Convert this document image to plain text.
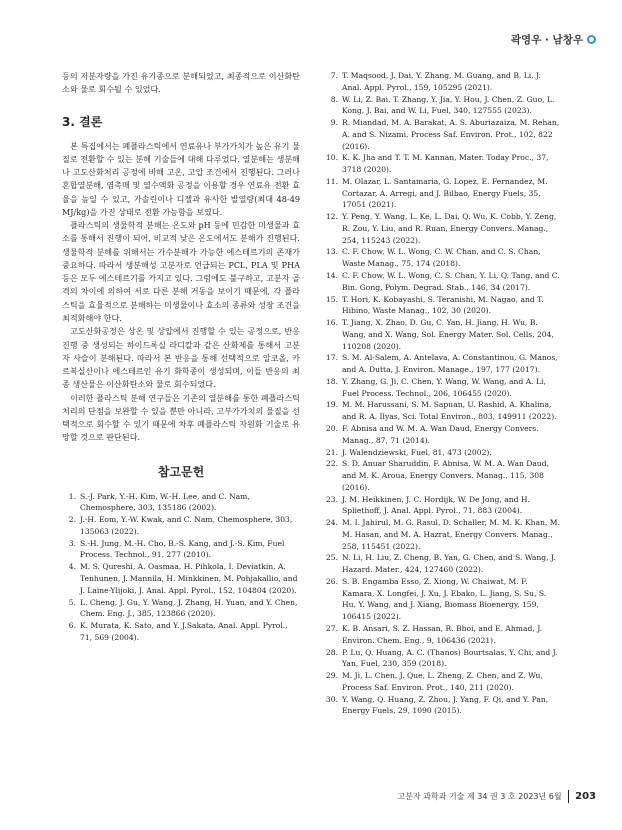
곽영우 · 남창우

등의 저분자량을 가진 유기종으로 분해되었고, 최종적으로 이산화탄소와 물로 회수될 수 있었다.

3. 결론

본 특집에서는 폐플라스틱에서 연료유나 부가가치가 높은 유기 물질로 전환할 수 있는 분해 기술들에 대해 다루었다. 열분해는 생분해나 고도산화처리 공정에 비해 고온, 고압 조건에서 진행된다. 그러나 혼합열분해, 염촉매 및 열수액화 공정을 이용할 경우 연료유 전환 효율을 높일 수 있고, 가솔린이나 디젤과 유사한 발열량(최대 48-49 MJ/kg)을 가진 상태로 전환 가능함을 보였다.

플라스틱의 생물학적 분해는 온도와 pH 등에 민감한 미생물과 효소를 통해서 진행이 되어, 비교적 낮은 온도에서도 분해가 진행된다. 생물학적 분해를 위해서는 가수분해가 가능한 에스테르기의 존재가 중요하다. 따라서 생분해성 고분자로 언급되는 PCL, PLA 및 PHA 등은 모두 에스테르기를 가지고 있다. 그럼에도 불구하고, 고분자 골격의 차이에 의하여 서로 다른 분해 거동을 보이기 때문에, 각 플라스틱을 효율적으로 분해하는 미생물이나 효소의 종류와 성장 조건을 최적화해야 한다.

고도산화공정은 상온 및 상압에서 진행할 수 있는 공정으로, 반응 진행 중 생성되는 하이드록실 라디칼과 같은 산화제를 통해서 고분자 사슬이 분해된다. 따라서 본 반응을 통해 선택적으로 알코올, 카르복실산이나 에스테르인 유기 화학종이 생성되며, 이들 반응의 최종 생산물은 이산화탄소와 물로 회수되었다.

이러한 플라스틱 분해 연구들은 기존의 열분해를 통한 폐플라스틱 처리의 단점을 보완할 수 있을 뿐만 아니라, 고부가가치의 물질을 선택적으로 회수할 수 있기 때문에 차후 폐플라스틱 자원화 기술로 유망할 것으로 판단된다.

참고문헌
1. S.-J. Park, Y.-H. Kim, W.-H. Lee, and C. Nam, Chemosphere, 303, 135186 (2002).
2. J.-H. Eom, Y.-W. Kwak, and C. Nam, Chemosphere, 303, 135063 (2022).
3. S.-H. Jung, M.-H. Cho, B.-S. Kang, and J.-S. Kim, Fuel Process. Technol., 91, 277 (2010).
4. M. S. Qureshi, A. Oasmaa, H. Pihkola, I. Deviatkin, A. Tenhunen, J. Mannila, H. Minkkinen, M. Pohjakallio, and J. Laine-Ylijoki, J. Anal. Appl. Pyrol., 152, 104804 (2020).
5. L. Cheng, J. Gu, Y. Wang, J. Zhang, H. Yuan, and Y. Chen, Chem. Eng. J., 385, 123866 (2020).
6. K. Murata, K. Sato, and Y. J.Sakata, Anal. Appl. Pyrol., 71, 569 (2004).
7. T. Maqsood, J. Dai, Y. Zhang, M. Guang, and B. Li, J. Anal. Appl. Pyrol., 159, 105295 (2021).
8. W. Li, Z. Bai, T. Zhang, Y. Jia, Y. Hou, J. Chen, Z. Guo, L. Kong, J. Bai, and W. Li, Fuel, 340, 127555 (2023).
9. R. Miandad, M. A. Barakat, A. S. Aburiazaiza, M. Rehan, A. and S. Nizami, Process Saf. Environ. Prot., 102, 822 (2016).
10. K. K. Jha and T. T. M. Kannan, Mater. Today Proc., 37, 3718 (2020).
11. M. Olazar, L. Santamaria, G. Lopez, E. Fernandez, M. Cortazar, A. Arregi, and J. Bilbao, Energy Fuels, 35, 17051 (2021).
12. Y. Peng, Y. Wang, L. Ke, L. Dai, Q. Wu, K. Cobb, Y. Zeng, R. Zou, Y. Liu, and R. Ruan, Energy Convers. Manag., 254, 115243 (2022).
13. C. F. Chow, W. L. Wong, C. W. Chan, and C. S. Chan, Waste Manag., 75, 174 (2018).
14. C. F. Chow, W. L. Wong, C. S. Chan, Y. Li, Q. Tang, and C. Bin. Gong, Polym. Degrad. Stab., 146, 34 (2017).
15. T. Hori, K. Kobayashi, S. Teranishi, M. Nagao, and T. Hibino, Waste Manag., 102, 30 (2020).
16. T. Jiang, X. Zhao, D. Gu, C. Yan, H. Jiang, H. Wu, B. Wang, and X. Wang, Sol. Energy Mater. Sol. Cells, 204, 110208 (2020).
17. S. M. Al-Salem, A. Antelava, A. Constantinou, G. Manos, and A. Dutta, J. Environ. Manage., 197, 177 (2017).
18. Y. Zhang, G. Ji, C. Chen, Y. Wang, W. Wang, and A. Li, Fuel Process. Technol., 206, 106455 (2020).
19. M. M. Harussani, S. M. Sapuan, U. Rashid, A. Khalina, and R. A. Ilyas, Sci. Total Environ., 803, 149911 (2022).
20. F. Abnisa and W. M. A. Wan Daud, Energy Convers. Manag., 87, 71 (2014).
21. J. Walendziewski, Fuel, 81, 473 (2002).
22. S. D. Anuar Sharuddin, F. Abnisa, W. M. A. Wan Daud, and M. K. Aroua, Energy Convers. Manag., 115, 308 (2016).
23. J. M. Heikkinen, J. C. Hordijk, W. De Jong, and H. Spliethoff, J. Anal. Appl. Pyrol., 71, 883 (2004).
24. M. I. Jahirul, M. G. Rasul, D. Schaller, M. M. K. Khan, M. M. Hasan, and M. A. Hazrat, Energy Convers. Manag., 258, 115451 (2022).
25. N. Li, H. Liu, Z. Cheng, B. Yan, G. Chen, and S. Wang, J. Hazard. Mater., 424, 127460 (2022).
26. S. B. Engamba Esso, Z. Xiong, W. Chaiwat, M. F. Kamara, X. Longfei, J. Xu, J. Ebako, L. Jiang, S. Su, S. Hu, Y. Wang, and J. Xiang, Biomass Bioenergy, 159, 106415 (2022).
27. K. B. Ansari, S. Z. Hassan, R. Bhoi, and E. Ahmad, J. Environ. Chem. Eng., 9, 106436 (2021).
28. P. Lu, Q. Huang, A. C. (Thanos) Bourtsalas, Y. Chi, and J. Yan, Fuel, 230, 359 (2018).
29. M. Ji, L. Chen, J. Que, L. Zheng, Z. Chen, and Z. Wu, Process Saf. Environ. Prot., 140, 211 (2020).
30. Y. Wang, Q. Huang, Z. Zhou, J. Yang, F. Qi, and Y. Pan, Energy Fuels, 29, 1090 (2015).
고분자 과학과 기술 제 34 권 3 호 2023년 6월 203
